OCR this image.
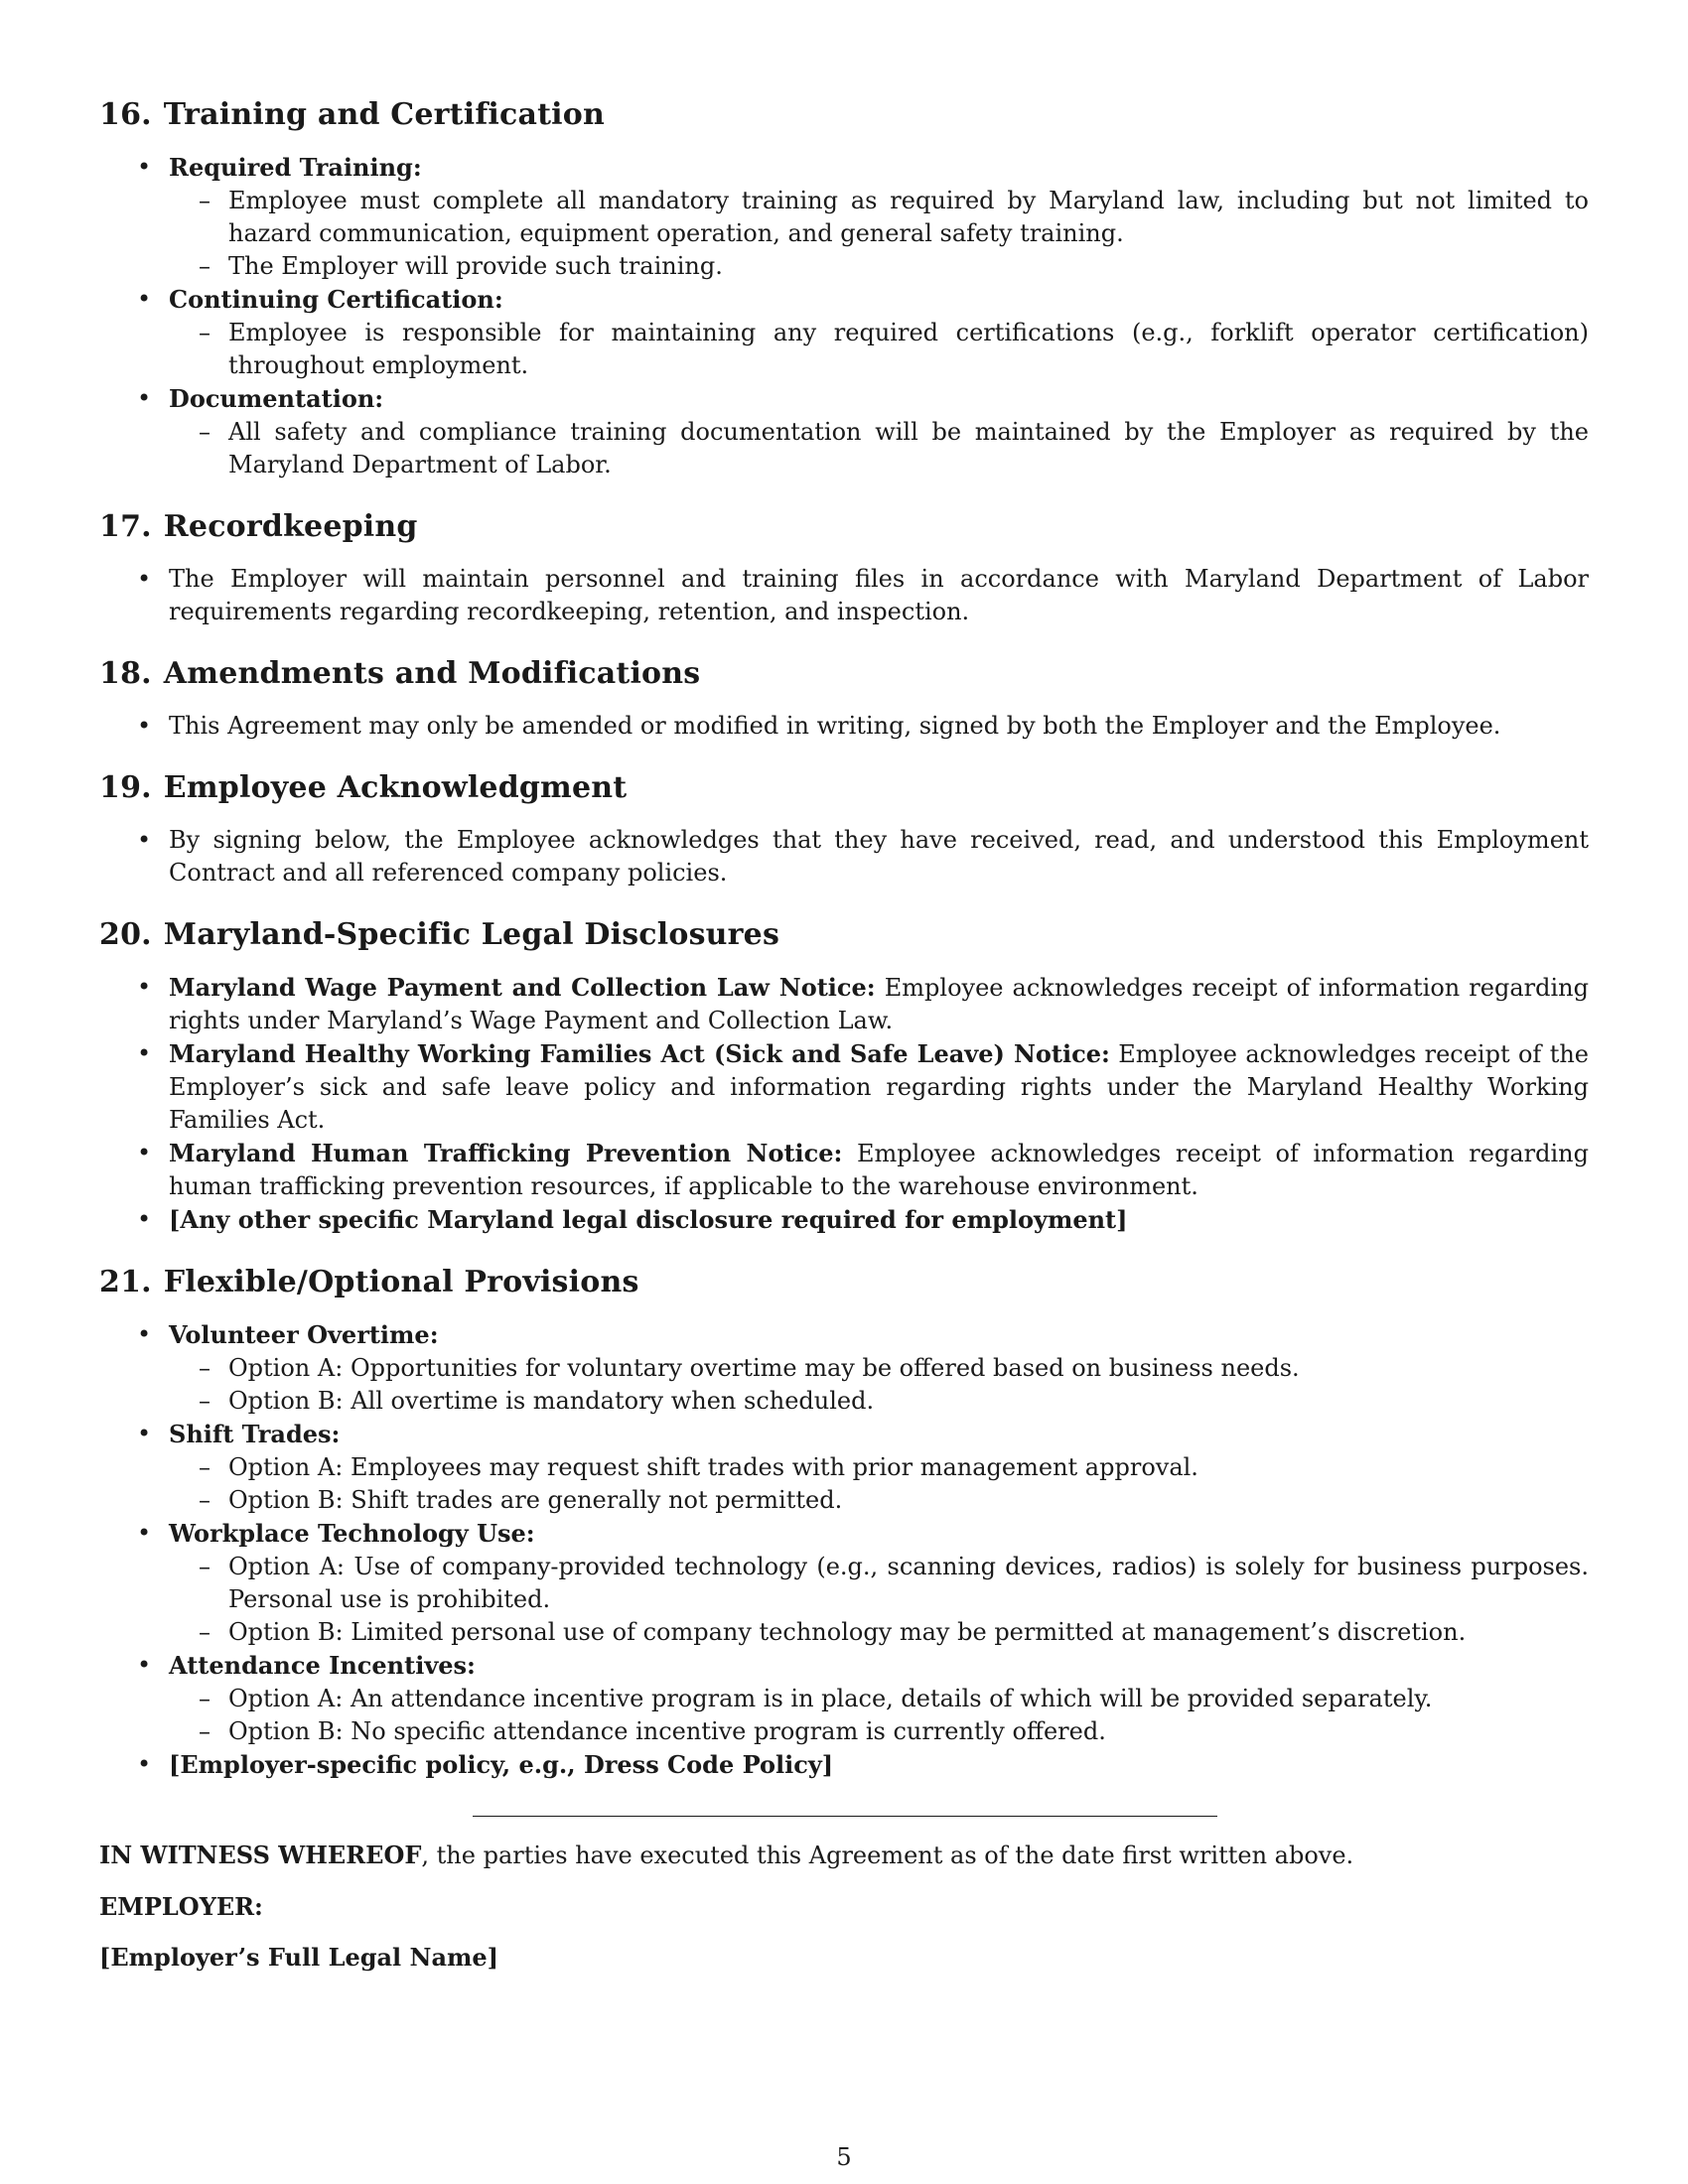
16. Training and Certification
• Required Training:
– Employee must complete all mandatory training as required by Maryland law, including but not limited to hazard communication, equipment operation, and general safety training.
– The Employer will provide such training.
• Continuing Certification:
– Employee is responsible for maintaining any required certifications (e.g., forklift operator certification) throughout employment.
• Documentation:
– All safety and compliance training documentation will be maintained by the Employer as required by the Maryland Department of Labor.
17. Recordkeeping
• The Employer will maintain personnel and training files in accordance with Maryland Department of Labor requirements regarding recordkeeping, retention, and inspection.
18. Amendments and Modifications
• This Agreement may only be amended or modified in writing, signed by both the Employer and the Employee.
19. Employee Acknowledgment
• By signing below, the Employee acknowledges that they have received, read, and understood this Employment Contract and all referenced company policies.
20. Maryland-Specific Legal Disclosures
• Maryland Wage Payment and Collection Law Notice: Employee acknowledges receipt of information regarding rights under Maryland’s Wage Payment and Collection Law.
• Maryland Healthy Working Families Act (Sick and Safe Leave) Notice: Employee acknowledges receipt of the Employer’s sick and safe leave policy and information regarding rights under the Maryland Healthy Working Families Act.
• Maryland Human Trafficking Prevention Notice: Employee acknowledges receipt of information regarding human trafficking prevention resources, if applicable to the warehouse environment.
• [Any other specific Maryland legal disclosure required for employment]
21. Flexible/Optional Provisions
• Volunteer Overtime:
– Option A: Opportunities for voluntary overtime may be offered based on business needs.
– Option B: All overtime is mandatory when scheduled.
• Shift Trades:
– Option A: Employees may request shift trades with prior management approval.
– Option B: Shift trades are generally not permitted.
• Workplace Technology Use:
– Option A: Use of company-provided technology (e.g., scanning devices, radios) is solely for business purposes. Personal use is prohibited.
– Option B: Limited personal use of company technology may be permitted at management’s discretion.
• Attendance Incentives:
– Option A: An attendance incentive program is in place, details of which will be provided separately.
– Option B: No specific attendance incentive program is currently offered.
• [Employer-specific policy, e.g., Dress Code Policy]

IN WITNESS WHEREOF, the parties have executed this Agreement as of the date first written above.

EMPLOYER:

[Employer’s Full Legal Name]

5
